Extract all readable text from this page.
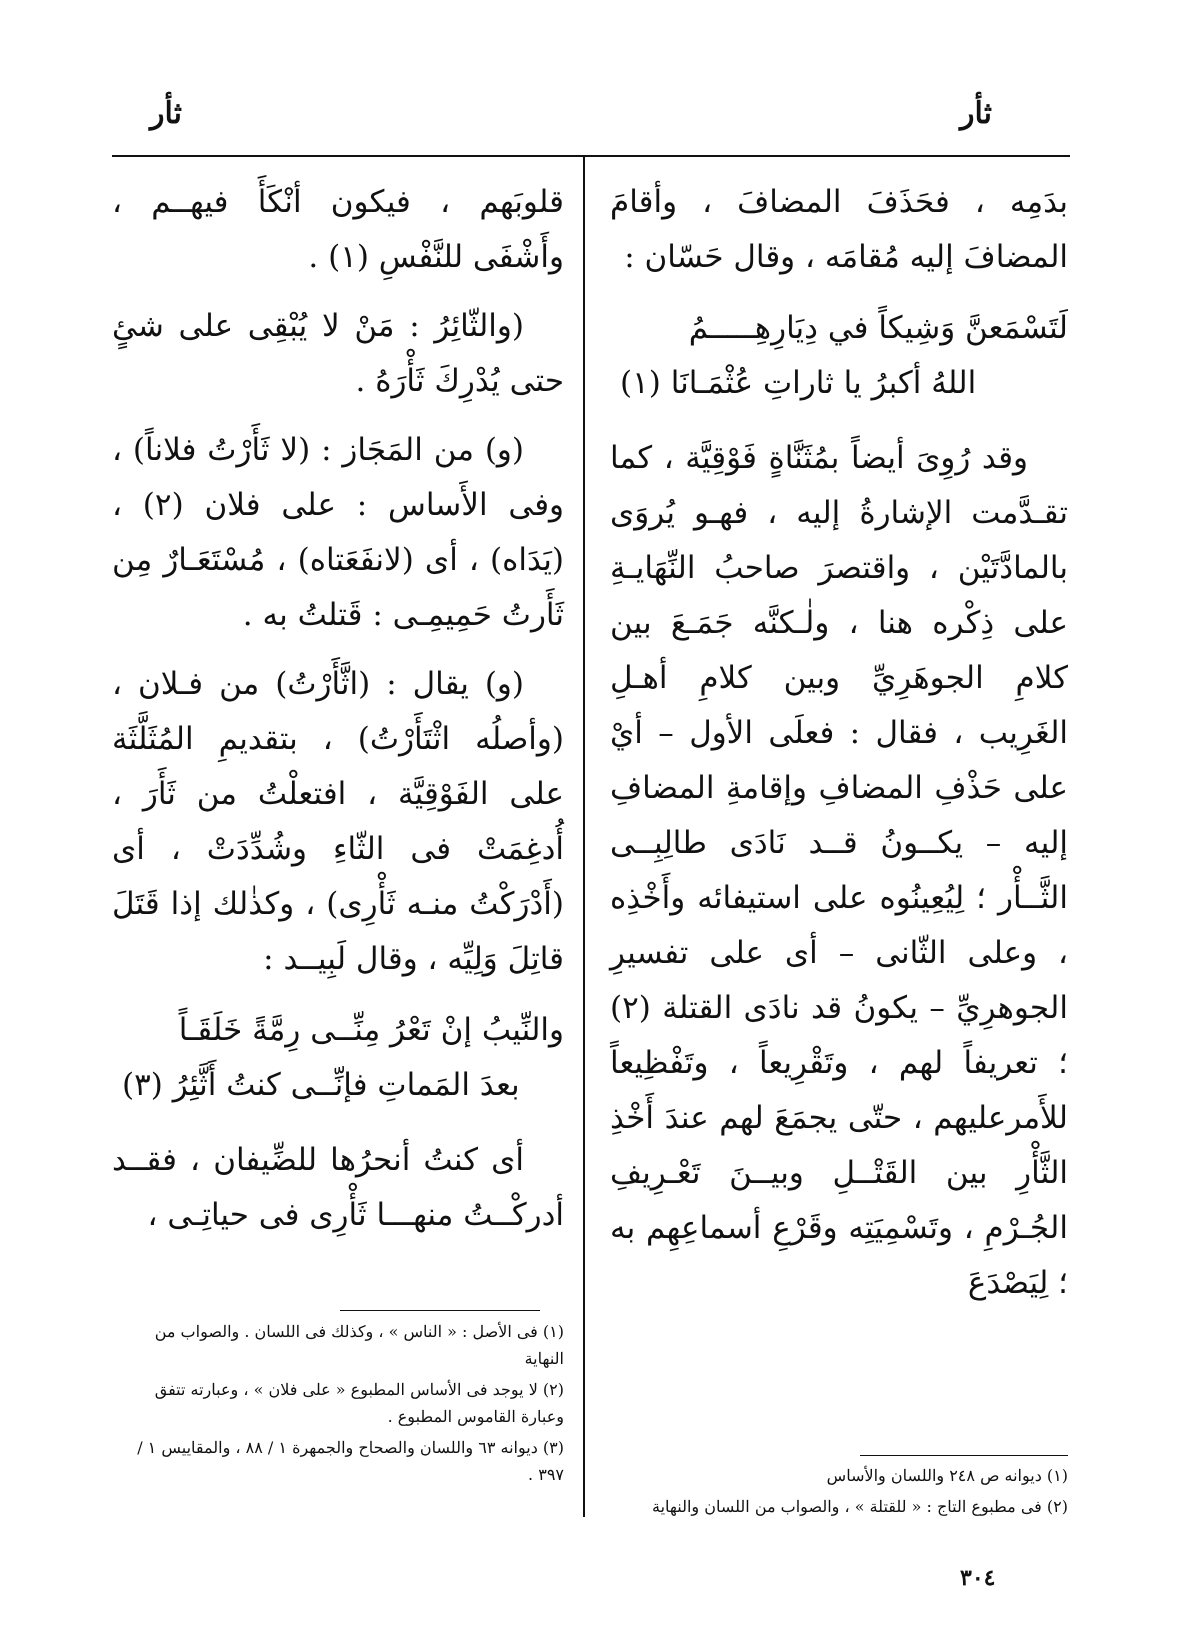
ثأر
ثأر

بدَمِه ، فحَذَفَ المضافَ ، وأقامَ المضافَ إليه مُقامَه ، وقال حَسّان :

لَتَسْمَعنَّ وَشِيكاً في دِيَارِهِـــــمُ
اللهُ أكبرُ يا ثاراتِ عُثْمَـانَا (١)

وقد رُوِىَ أيضاً بمُثَنَّاةٍ فَوْقِيَّة ، كما تقـدَّمت الإشارةُ إليه ، فهـو يُروَى بالمادَّتَيْن ، واقتصرَ صاحبُ النِّهَايـةِ على ذِكْره هنا ، ولٰـكنَّه جَمَـعَ بين كلامِ الجوهَرِيِّ وبين كلامِ أهـلِ الغَرِيب ، فقال : فعلَى الأول – أيْ على حَذْفِ المضافِ وإقامةِ المضافِ إليه – يكــونُ قــد نَادَى طالِبِــى الثَّــأْر ؛ لِيُعِينُوه على استيفائه وأَخْذِه ، وعلى الثّانى – أى على تفسيرِ الجوهرِيِّ – يكونُ قد نادَى القتلة (٢) ؛ تعريفاً لهم ، وتَقْرِيعاً ، وتَفْظِيعاً للأَمرعليهم ، حتّى يجمَعَ لهم عندَ أَخْذِ الثَّأْرِ بين القَتْــلِ وبيــنَ تَعْـرِيفِ الجُـرْمِ ، وتَسْمِيَتِه وقَرْعِ أسماعِهِم به ؛ لِيَصْدَعَ

قلوبَهم ، فيكون أنْكَأَ فيهــم ، وأَشْفَى للنَّفْسِ (١) .

(والثّائِرُ : مَنْ لا يُبْقِى على شئٍ حتى يُدْرِكَ ثَأْرَهُ .

(و) من المَجَاز : (لا ثَأَرْتُ فلاناً) ، وفى الأَساس : على فلان (٢) ، (يَدَاه) ، أى (لانفَعَتاه) ، مُسْتَعَـارٌ مِن ثَأَرتُ حَمِيمِـى : قَتلتُ به .

(و) يقال : (اثَّأَرْتُ) من فـلان ، (وأصلُه اثْتَأَرْتُ) ، بتقديمِ المُثَلَّثَة على الفَوْقِيَّة ، افتعلْتُ من ثَأَرَ ، أُدغِمَتْ فى الثّاءِ وشُدِّدَتْ ، أى (أَدْرَكْتُ منـه ثَأْرِى) ، وكذٰلك إذا قَتَلَ قاتِلَ وَلِيِّه ، وقال لَبِيــد :

والنِّيبُ إنْ تَعْرُ مِنِّــى رِمَّةً خَلَقَـاً
بعدَ المَماتِ فإنِّــى كنتُ أَثَّئِرُ (٣)

أى كنتُ أنحرُها للضِّيفان ، فقــد أدركْــتُ منهـــا ثَأْرِى فى حياتِـى ،

(١) فى الأصل : « الناس » ، وكذلك فى اللسان . والصواب من النهاية

(٢) لا يوجد فى الأساس المطبوع « على فلان » ، وعبارته تتفق وعبارة القاموس المطبوع .

(٣) ديوانه ٦٣ واللسان والصحاح والجمهرة ١ / ٨٨ ، والمقاييس ١ / ٣٩٧ .	(١) ديوانه ص ٢٤٨ واللسان والأساس

(٢) فى مطبوع التاج : « للقتلة » ، والصواب من اللسان والنهاية

٣٠٤
